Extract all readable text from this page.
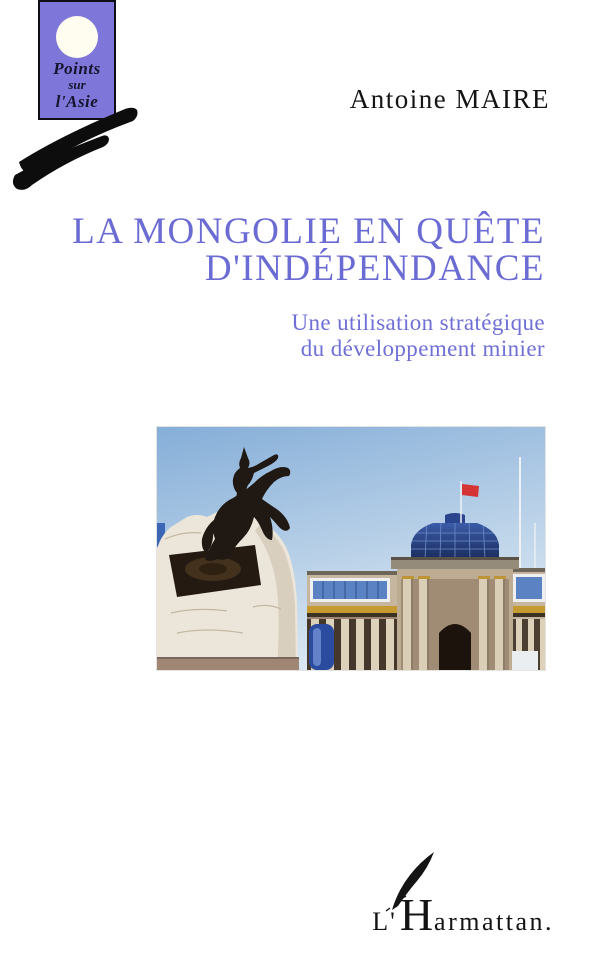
Points
sur
l'Asie	Antoine MAIRE
LA MONGOLIE EN QUÊTE
D'INDÉPENDANCE
Une utilisation stratégique
du développement minier
L' H armattan.
